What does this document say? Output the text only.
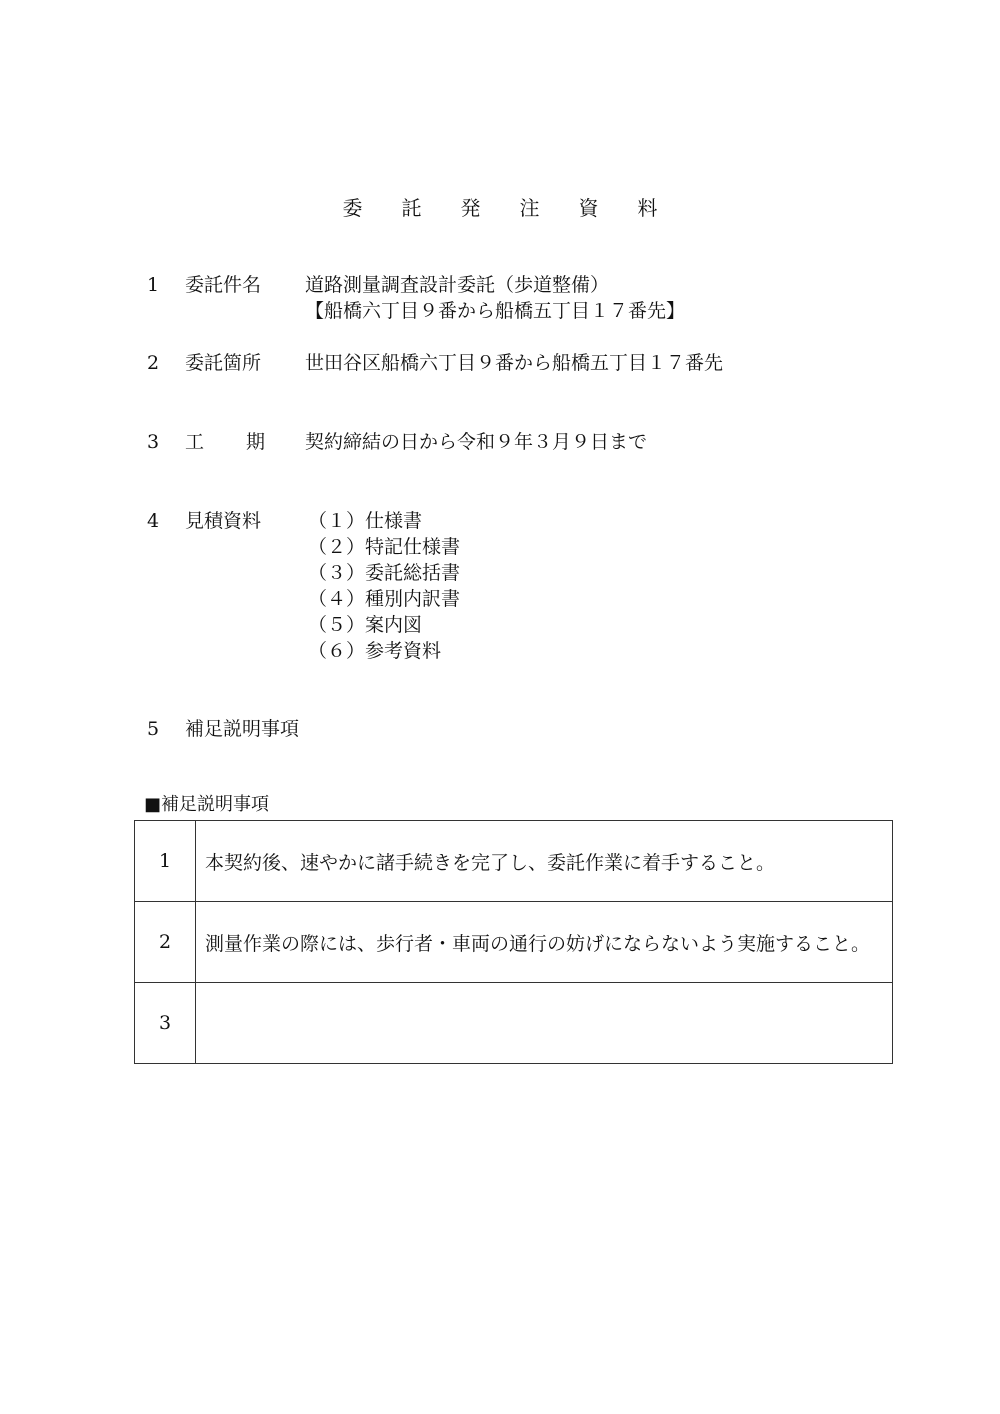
委 託 発 注 資 料
1 委託件名 道路測量調査設計委託（歩道整備）
【船橋六丁目９番から船橋五丁目１７番先】
2 委託箇所 世田谷区船橋六丁目９番から船橋五丁目１７番先
3 工 期 契約締結の日から令和９年３月９日まで
4 見積資料 （１）仕様書
（２）特記仕様書
（３）委託総括書
（４）種別内訳書
（５）案内図
（６）参考資料
5 補足説明事項
■補足説明事項
1	本契約後、速やかに諸手続きを完了し、委託作業に着手すること。
2	測量作業の際には、歩行者・車両の通行の妨げにならないよう実施すること。
3	
